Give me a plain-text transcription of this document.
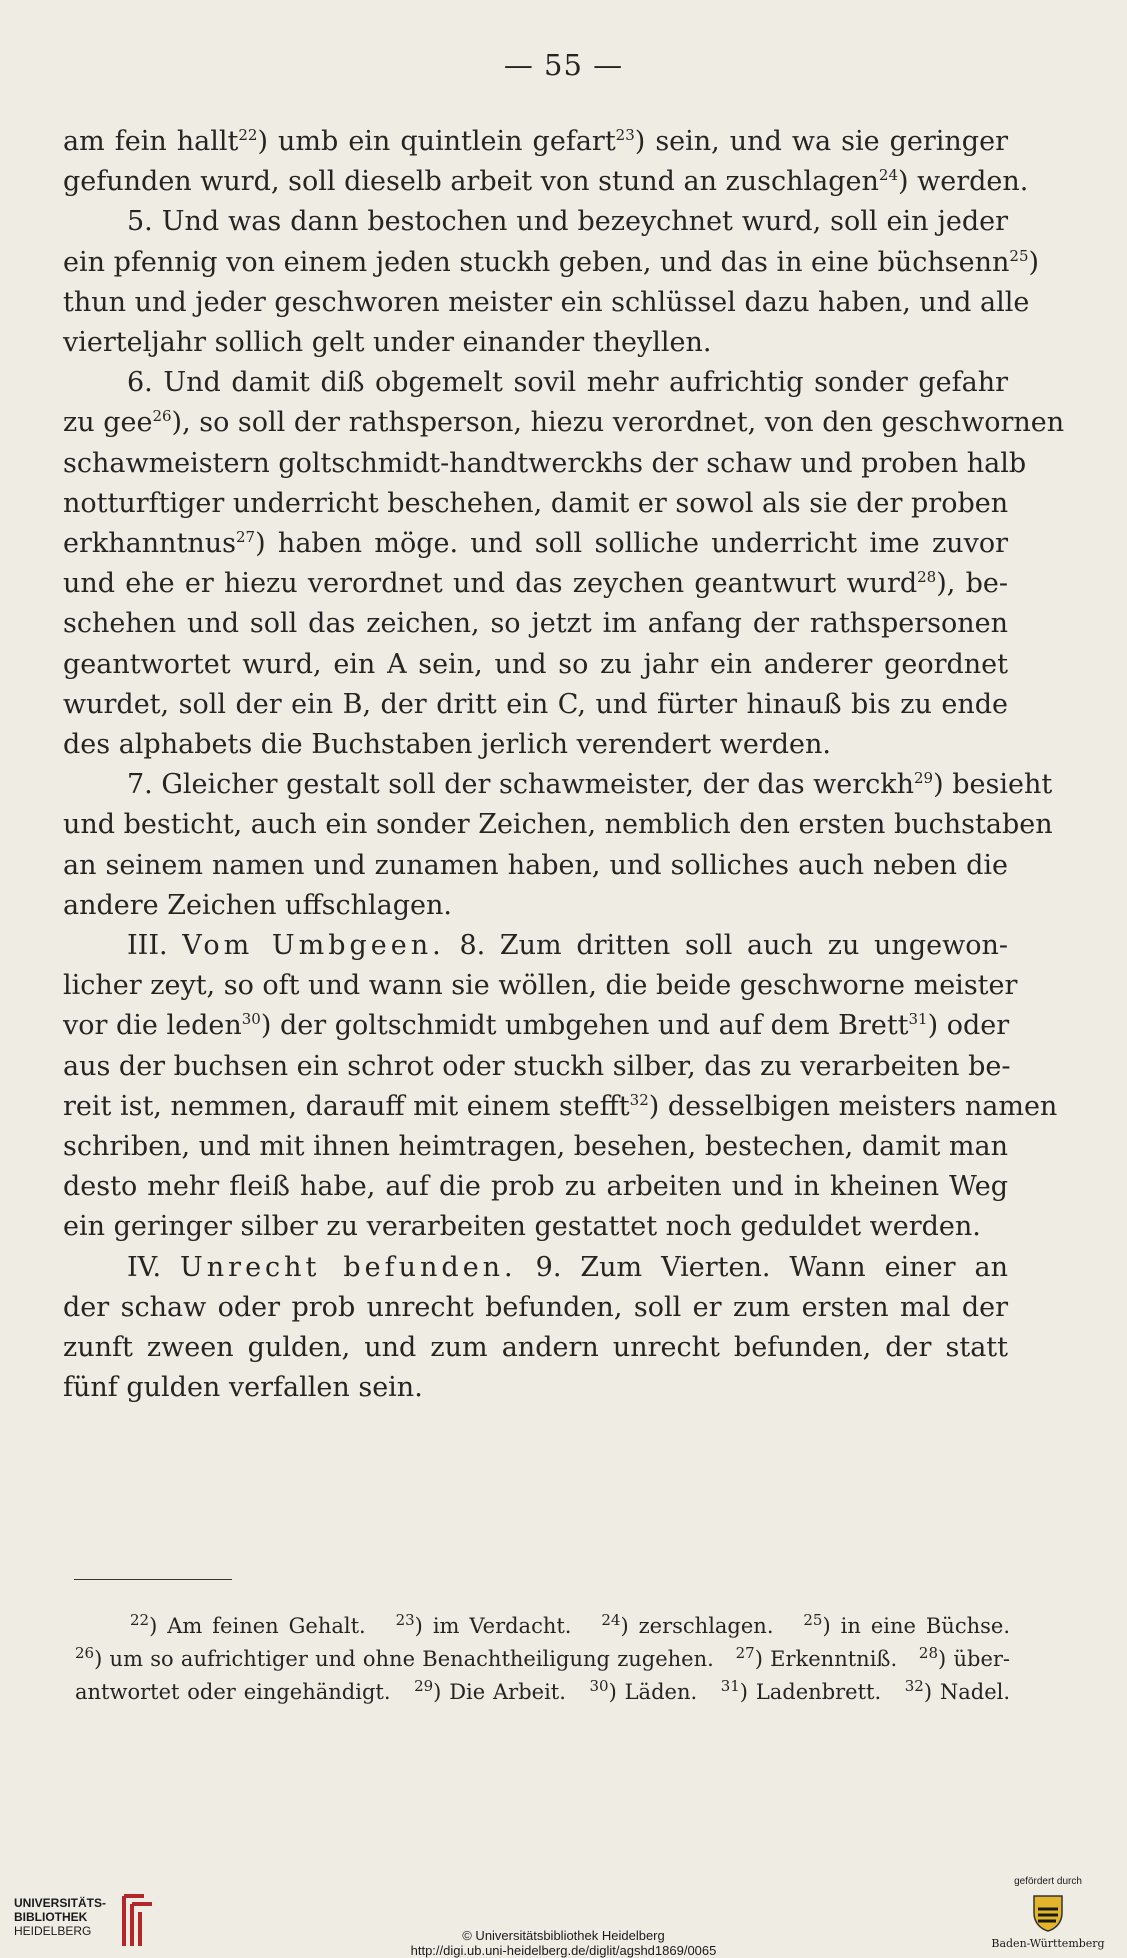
— 55 —
am fein hallt$^{22}$) umb ein quintlein gefart$^{23}$) sein, und wa sie geringer
gefunden wurd, soll dieselb arbeit von stund an zuschlagen$^{24}$) werden.
5. Und was dann bestochen und bezeychnet wurd, soll ein jeder
ein pfennig von einem jeden stuckh geben, und das in eine büchsenn$^{25}$)
thun und jeder geschworen meister ein schlüssel dazu haben, und alle
vierteljahr sollich gelt under einander theyllen.
6. Und damit diß obgemelt sovil mehr aufrichtig sonder gefahr
zu gee$^{26}$), so soll der rathsperson, hiezu verordnet, von den geschwornen
schawmeistern goltschmidt-handtwerckhs der schaw und proben halb
notturftiger underricht beschehen, damit er sowol als sie der proben
erkhanntnus$^{27}$) haben möge. und soll solliche underricht ime zuvor
und ehe er hiezu verordnet und das zeychen geantwurt wurd$^{28}$), be-
schehen und soll das zeichen, so jetzt im anfang der rathspersonen
geantwortet wurd, ein A sein, und so zu jahr ein anderer geordnet
wurdet, soll der ein B, der dritt ein C, und fürter hinauß bis zu ende
des alphabets die Buchstaben jerlich verendert werden.
7. Gleicher gestalt soll der schawmeister, der das werckh$^{29}$) besieht
und besticht, auch ein sonder Zeichen, nemblich den ersten buchstaben
an seinem namen und zunamen haben, und solliches auch neben die
andere Zeichen uffschlagen.
III. Vom Umbgeen. 8. Zum dritten soll auch zu ungewon-
licher zeyt, so oft und wann sie wöllen, die beide geschworne meister
vor die leden$^{30}$) der goltschmidt umbgehen und auf dem Brett$^{31}$) oder
aus der buchsen ein schrot oder stuckh silber, das zu verarbeiten be-
reit ist, nemmen, darauff mit einem stefft$^{32}$) desselbigen meisters namen
schriben, und mit ihnen heimtragen, besehen, bestechen, damit man
desto mehr fleiß habe, auf die prob zu arbeiten und in kheinen Weg
ein geringer silber zu verarbeiten gestattet noch geduldet werden.
IV. Unrecht befunden. 9. Zum Vierten. Wann einer an
der schaw oder prob unrecht befunden, soll er zum ersten mal der
zunft zween gulden, und zum andern unrecht befunden, der statt
fünf gulden verfallen sein.
$^{22}$) Am feinen Gehalt. $^{23}$) im Verdacht. $^{24}$) zerschlagen. $^{25}$) in eine Büchse.
$^{26}$) um so aufrichtiger und ohne Benachtheiligung zugehen. $^{27}$) Erkenntniß. $^{28}$) über-
antwortet oder eingehändigt. $^{29}$) Die Arbeit. $^{30}$) Läden. $^{31}$) Ladenbrett. $^{32}$) Nadel.
UNIVERSITÄTS-
BIBLIOTHEK
HEIDELBERG	© Universitätsbibliothek Heidelberg
http://digi.ub.uni-heidelberg.de/diglit/agshd1869/0065
gefördert durch
Baden-Württemberg
